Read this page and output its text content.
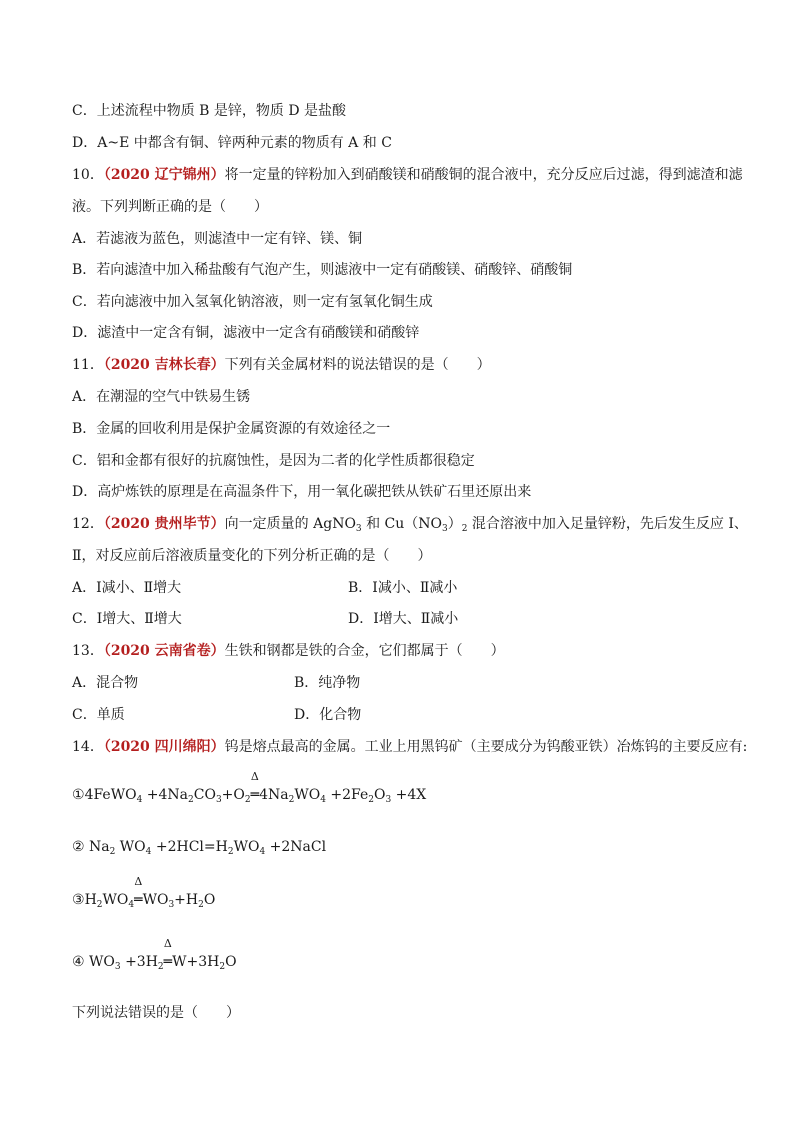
C．上述流程中物质 B 是锌，物质 D 是盐酸
D．A~E 中都含有铜、锌两种元素的物质有 A 和 C
10．（2020 辽宁锦州）将一定量的锌粉加入到硝酸镁和硝酸铜的混合液中，充分反应后过滤，得到滤渣和滤
液。下列判断正确的是（　　）
A．若滤液为蓝色，则滤渣中一定有锌、镁、铜
B．若向滤渣中加入稀盐酸有气泡产生，则滤液中一定有硝酸镁、硝酸锌、硝酸铜
C．若向滤液中加入氢氧化钠溶液，则一定有氢氧化铜生成
D．滤渣中一定含有铜，滤液中一定含有硝酸镁和硝酸锌
11．（2020 吉林长春）下列有关金属材料的说法错误的是（　　）
A．在潮湿的空气中铁易生锈
B．金属的回收利用是保护金属资源的有效途径之一
C．铝和金都有很好的抗腐蚀性，是因为二者的化学性质都很稳定
D．高炉炼铁的原理是在高温条件下，用一氧化碳把铁从铁矿石里还原出来
12．（2020 贵州毕节）向一定质量的 AgNO$_3$ 和 $Cu(NO_3)_2$ 混合溶液中加入足量锌粉，先后发生反应 Ⅰ、
Ⅱ，对反应前后溶液质量变化的下列分析正确的是（　　）
A．Ⅰ减小、Ⅱ增大	B．Ⅰ减小、Ⅱ减小
C．Ⅰ增大、Ⅱ增大	D．Ⅰ增大、Ⅱ减小
13．（2020 云南省卷）生铁和钢都是铁的合金，它们都属于（　　）
A．混合物	B．纯净物
C．单质	D．化合物
14．（2020 四川绵阳）钨是熔点最高的金属。工业上用黑钨矿（主要成分为钨酸亚铁）冶炼钨的主要反应有:
①4FeWO$_4$ $+4Na_2CO_3+O_2$
Δ
$═4Na_2WO_4 +2Fe_2O_3 +4X$
② $Na_2$ $WO_4 +2HCl=H_2WO_4$ +2NaCl
$③H_2WO_4$
Δ
$═WO_3+H_2O$
④ $WO_3 +3H_2$
Δ
$═W+3H_2O$
下列说法错误的是（　　）
